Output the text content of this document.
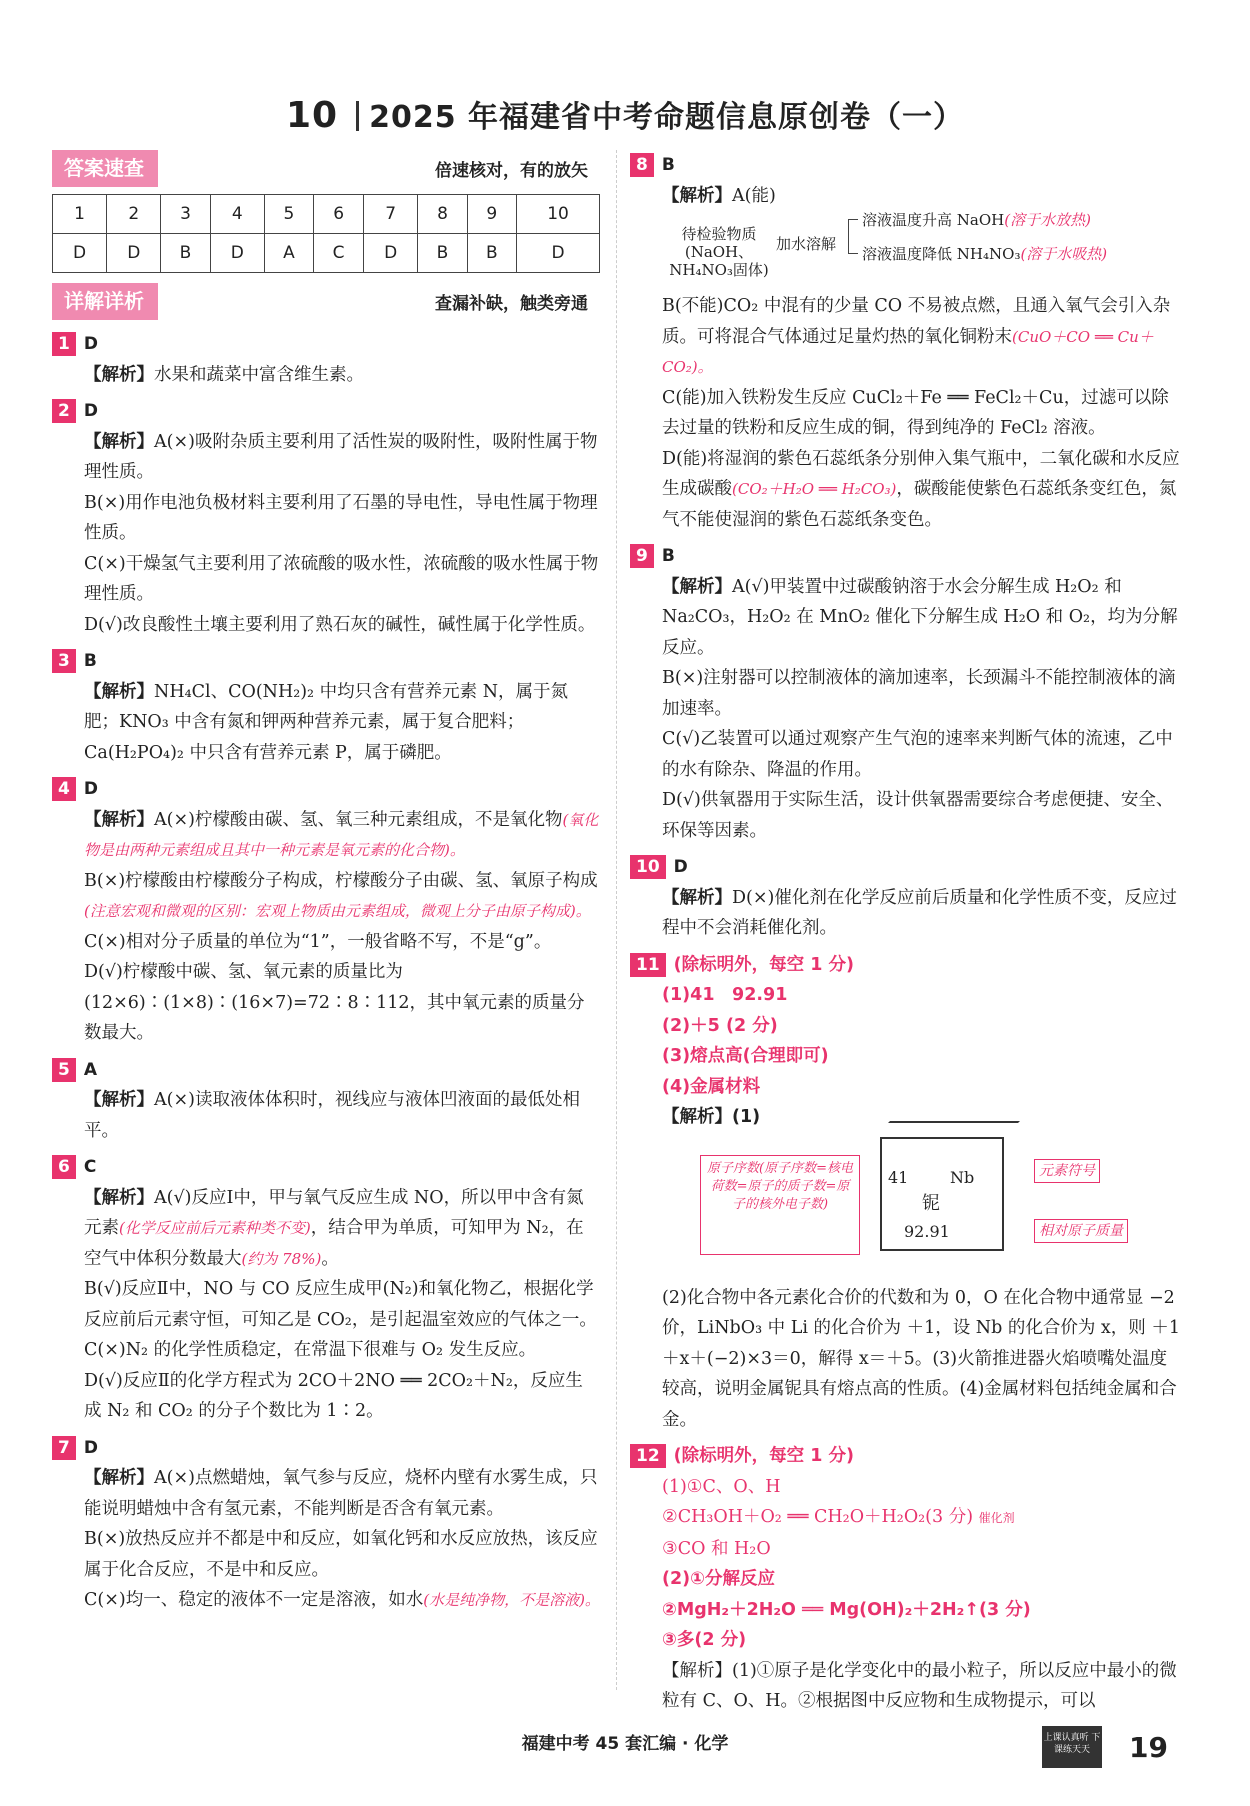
10 2025 年福建省中考命题信息原创卷（一）
答案速查	倍速核对，有的放矢
1	2	3	4	5	6	7	8	9	10
D	D	B	D	A	C	D	B	B	D
详解详析	查漏补缺，触类旁通
1 D
【解析】水果和蔬菜中富含维生素。
2 D
【解析】A(×)吸附杂质主要利用了活性炭的吸附性，吸附性属于物理性质。
B(×)用作电池负极材料主要利用了石墨的导电性，导电性属于物理性质。
C(×)干燥氢气主要利用了浓硫酸的吸水性，浓硫酸的吸水性属于物理性质。
D(√)改良酸性土壤主要利用了熟石灰的碱性，碱性属于化学性质。
3 B
【解析】NH₄Cl、CO(NH₂)₂ 中均只含有营养元素 N，属于氮肥；KNO₃ 中含有氮和钾两种营养元素，属于复合肥料；Ca(H₂PO₄)₂ 中只含有营养元素 P，属于磷肥。
4 D
【解析】A(×)柠檬酸由碳、氢、氧三种元素组成，不是氧化物(氧化物是由两种元素组成且其中一种元素是氧元素的化合物)。
B(×)柠檬酸由柠檬酸分子构成，柠檬酸分子由碳、氢、氧原子构成(注意宏观和微观的区别：宏观上物质由元素组成，微观上分子由原子构成)。
C(×)相对分子质量的单位为“1”，一般省略不写，不是“g”。
D(√)柠檬酸中碳、氢、氧元素的质量比为(12×6)∶(1×8)∶(16×7)=72∶8∶112，其中氧元素的质量分数最大。
5 A
【解析】A(×)读取液体体积时，视线应与液体凹液面的最低处相平。
6 C
【解析】A(√)反应Ⅰ中，甲与氧气反应生成 NO，所以甲中含有氮元素(化学反应前后元素种类不变)，结合甲为单质，可知甲为 N₂，在空气中体积分数最大(约为 78%)。
B(√)反应Ⅱ中，NO 与 CO 反应生成甲(N₂)和氧化物乙，根据化学反应前后元素守恒，可知乙是 CO₂，是引起温室效应的气体之一。
C(×)N₂ 的化学性质稳定，在常温下很难与 O₂ 发生反应。
D(√)反应Ⅱ的化学方程式为 2CO＋2NO ══ 2CO₂＋N₂，反应生成 N₂ 和 CO₂ 的分子个数比为 1∶2。
7 D
【解析】A(×)点燃蜡烛，氧气参与反应，烧杯内壁有水雾生成，只能说明蜡烛中含有氢元素，不能判断是否含有氧元素。
B(×)放热反应并不都是中和反应，如氧化钙和水反应放热，该反应属于化合反应，不是中和反应。
C(×)均一、稳定的液体不一定是溶液，如水(水是纯净物，不是溶液)。
8 B
【解析】A(能)
待检验物质(NaOH、NH₄NO₃固体)
加水溶解
溶液温度升高 NaOH(溶于水放热)
溶液温度降低 NH₄NO₃(溶于水吸热)
B(不能)CO₂ 中混有的少量 CO 不易被点燃，且通入氧气会引入杂质。可将混合气体通过足量灼热的氧化铜粉末(CuO＋CO ══ Cu＋CO₂)。
C(能)加入铁粉发生反应 CuCl₂＋Fe ══ FeCl₂＋Cu，过滤可以除去过量的铁粉和反应生成的铜，得到纯净的 FeCl₂ 溶液。
D(能)将湿润的紫色石蕊纸条分别伸入集气瓶中，二氧化碳和水反应生成碳酸(CO₂＋H₂O ══ H₂CO₃)，碳酸能使紫色石蕊纸条变红色，氮气不能使湿润的紫色石蕊纸条变色。
9 B
【解析】A(√)甲装置中过碳酸钠溶于水会分解生成 H₂O₂ 和 Na₂CO₃，H₂O₂ 在 MnO₂ 催化下分解生成 H₂O 和 O₂，均为分解反应。
B(×)注射器可以控制液体的滴加速率，长颈漏斗不能控制液体的滴加速率。
C(√)乙装置可以通过观察产生气泡的速率来判断气体的流速，乙中的水有除杂、降温的作用。
D(√)供氧器用于实际生活，设计供氧器需要综合考虑便捷、安全、环保等因素。
10 D
【解析】D(×)催化剂在化学反应前后质量和化学性质不变，反应过程中不会消耗催化剂。
11 (除标明外，每空 1 分)
(1)41　92.91
(2)＋5 (2 分)
(3)熔点高(合理即可)
(4)金属材料
【解析】(1)
原子序数(原子序数=核电荷数=原子的质子数=原子的核外电子数)
41	Nb
铌
92.91
元素符号
相对原子质量
(2)化合物中各元素化合价的代数和为 0，O 在化合物中通常显 −2 价，LiNbO₃ 中 Li 的化合价为 ＋1，设 Nb 的化合价为 x，则 ＋1＋x＋(−2)×3＝0，解得 x＝＋5。(3)火箭推进器火焰喷嘴处温度较高，说明金属铌具有熔点高的性质。(4)金属材料包括纯金属和合金。
12 (除标明外，每空 1 分)
(1)①C、O、H
②CH₃OH＋O₂ ══ CH₂O＋H₂O₂(3 分) 催化剂
③CO 和 H₂O
(2)①分解反应
②MgH₂＋2H₂O ══ Mg(OH)₂＋2H₂↑(3 分)
③多(2 分)
【解析】(1)①原子是化学变化中的最小粒子，所以反应中最小的微粒有 C、O、H。②根据图中反应物和生成物提示，可以
福建中考 45 套汇编 · 化学	上课认真听 下课练天天	19
